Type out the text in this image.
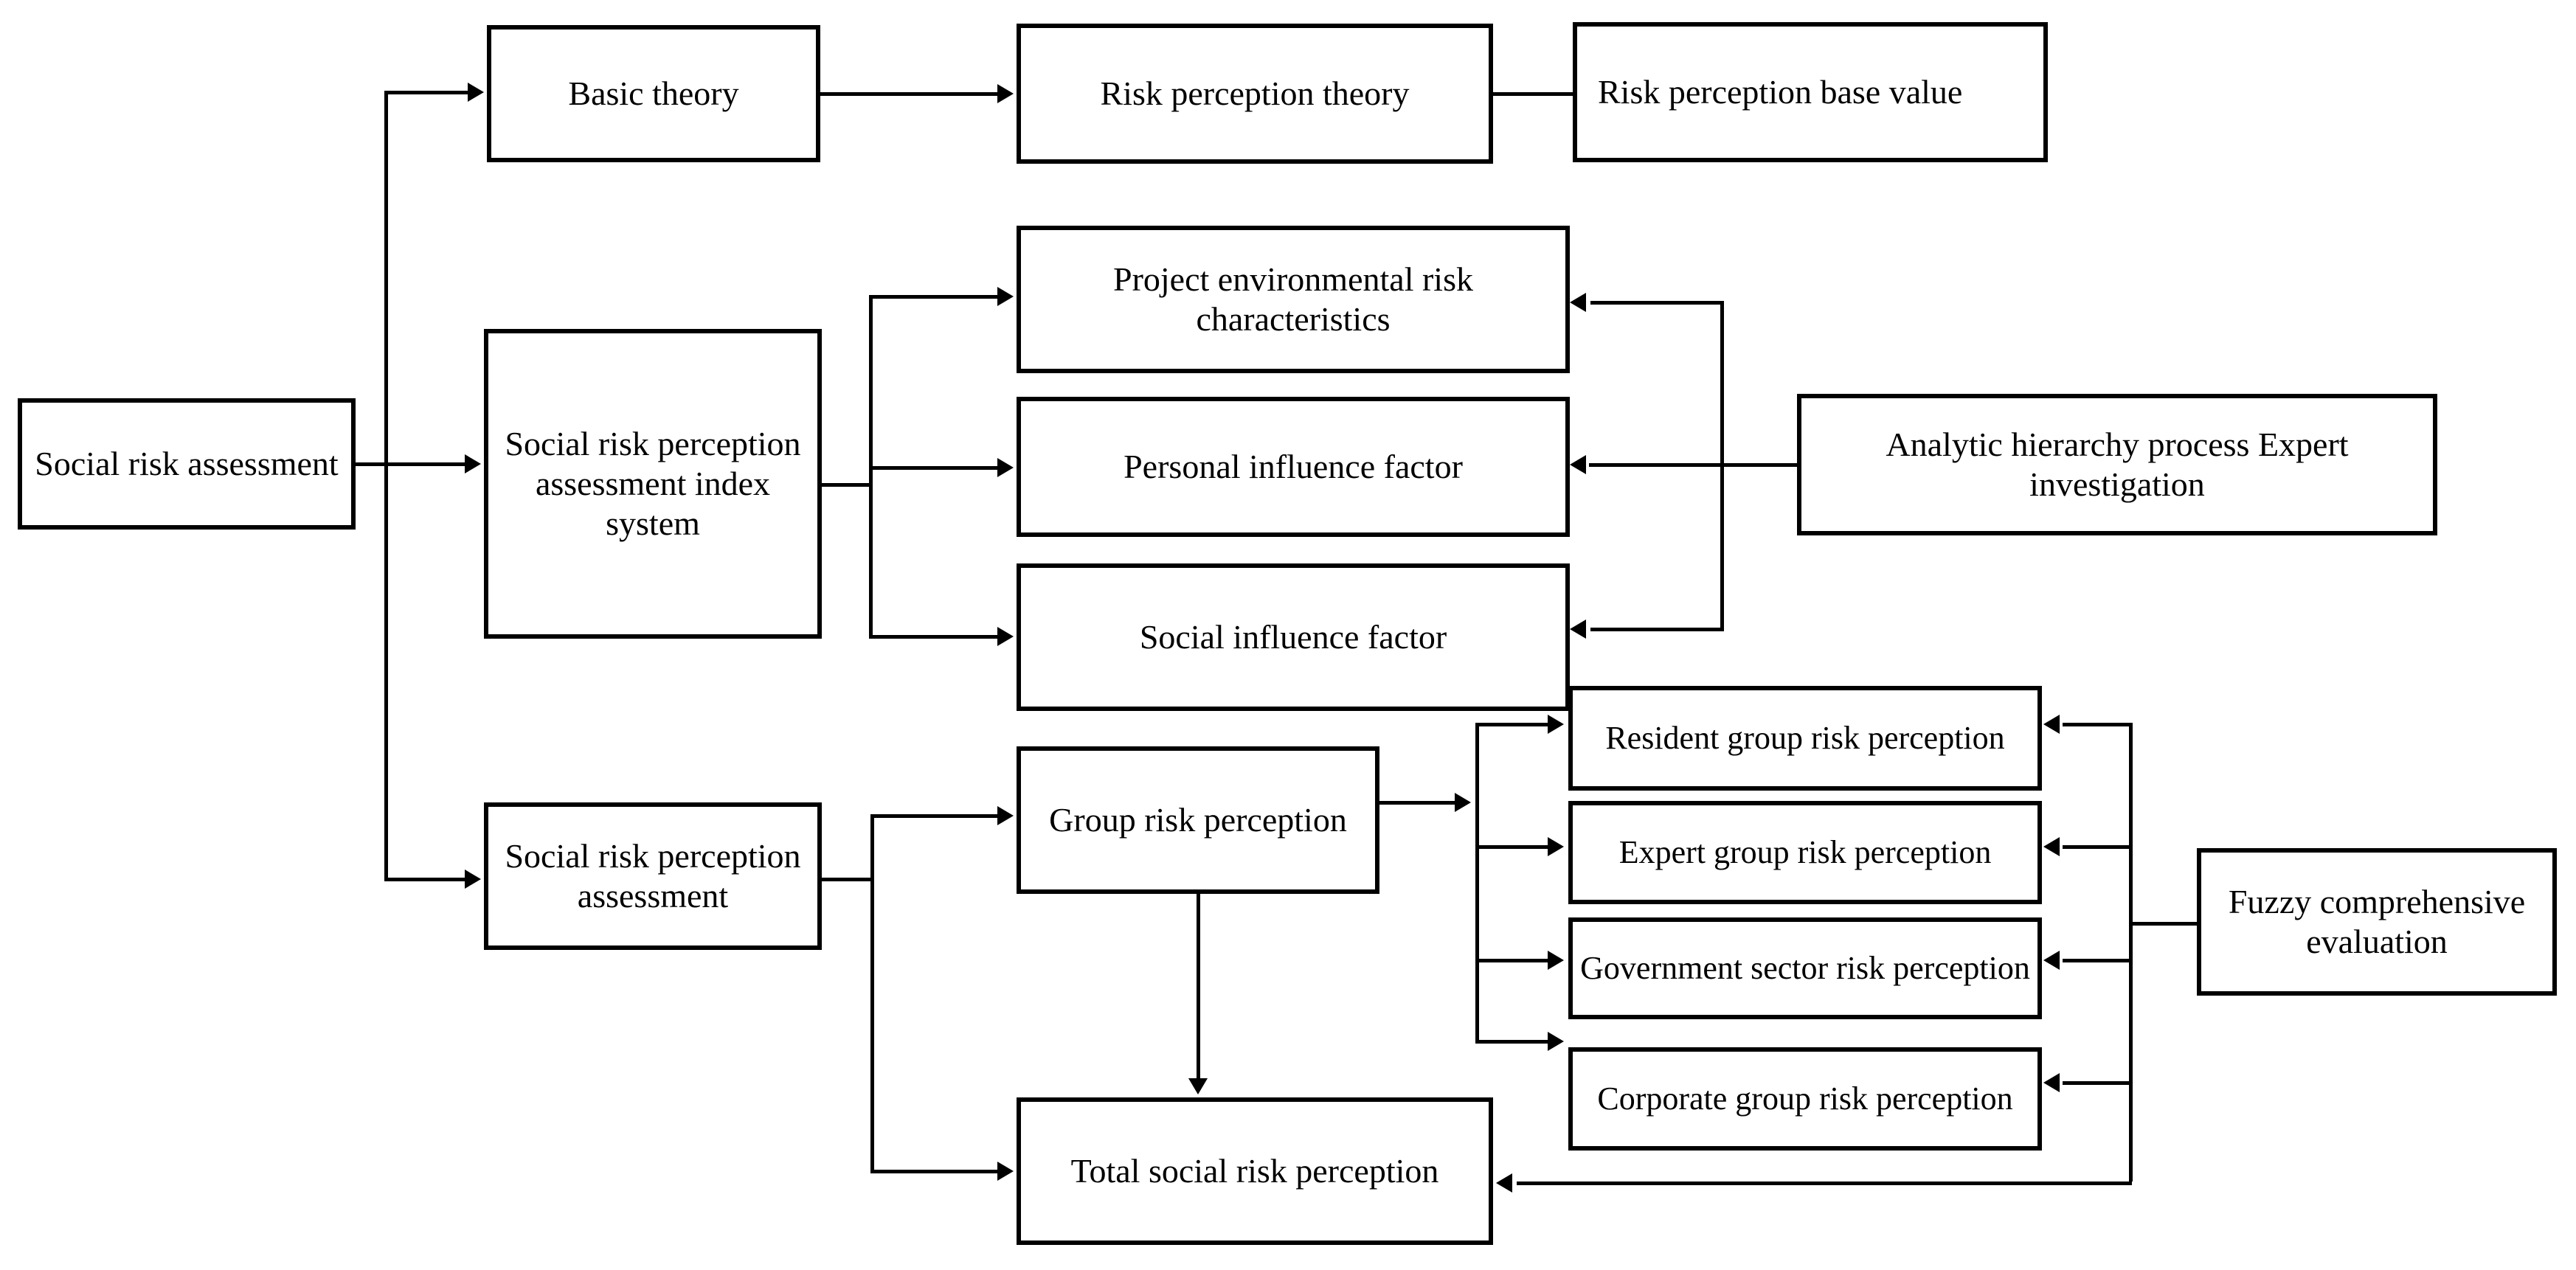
Social risk assessment
Basic theory	Risk perception theory	Risk perception base value
Social risk perception assessment index system
Project environmental risk characteristics
Personal influence factor
Social influence factor
Analytic hierarchy process Expert investigation
Social risk perception assessment
Group risk perception
Resident group risk perception
Expert group risk perception
Government sector risk perception
Corporate group risk perception
Fuzzy comprehensive evaluation
Total social risk perception
